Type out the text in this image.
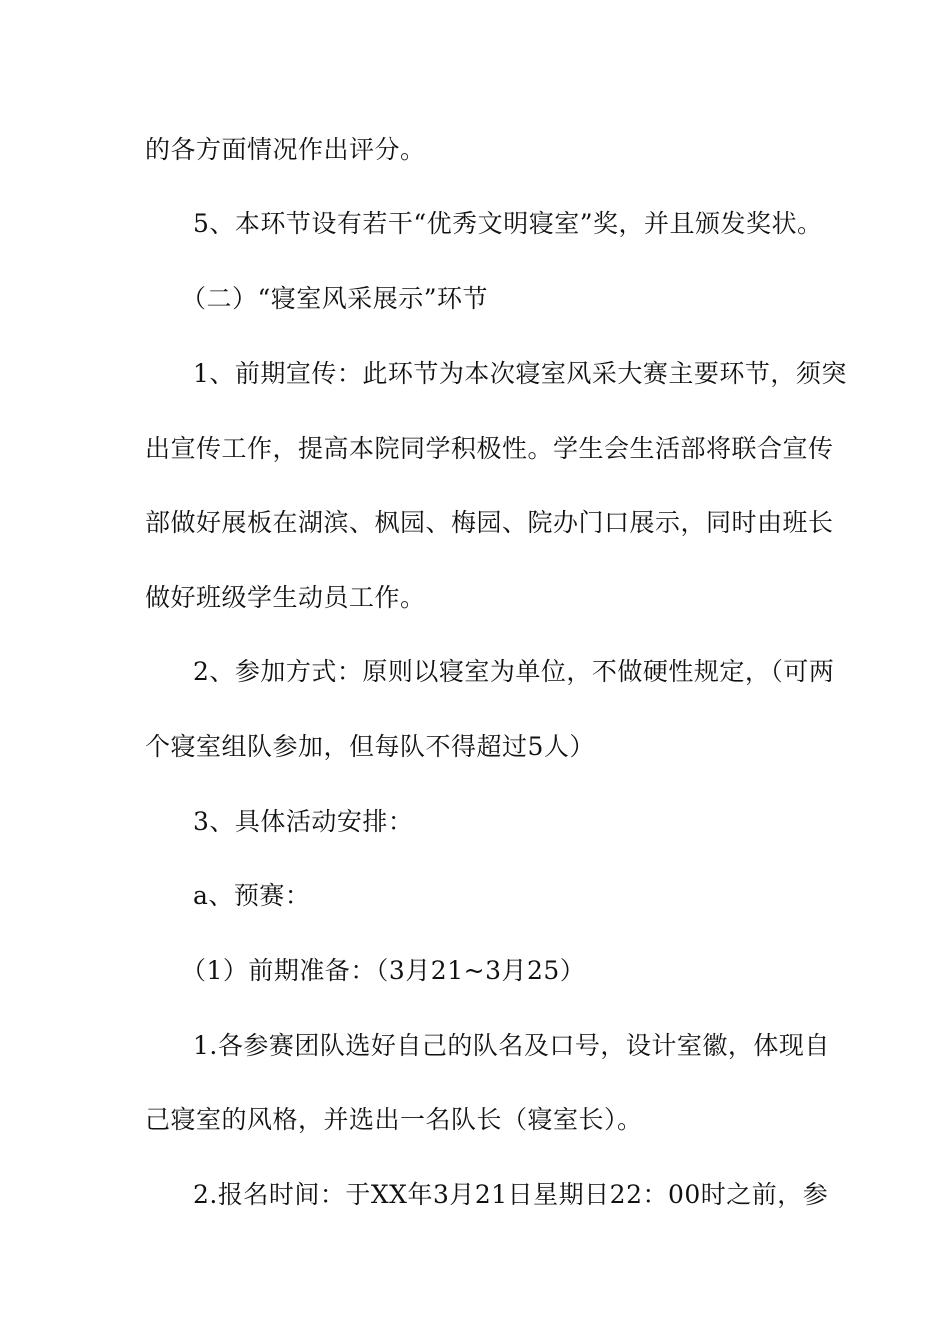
的各方面情况作出评分。

5、本环节设有若干“优秀文明寝室”奖，并且颁发奖状。

（二）“寝室风采展示”环节

1、前期宣传：此环节为本次寝室风采大赛主要环节，须突

出宣传工作，提高本院同学积极性。学生会生活部将联合宣传

部做好展板在湖滨、枫园、梅园、院办门口展示，同时由班长

做好班级学生动员工作。

2、参加方式：原则以寝室为单位，不做硬性规定，（可两

个寝室组队参加，但每队不得超过5人）

3、具体活动安排：

a、预赛：

（1）前期准备：（3月21~3月25）

1.各参赛团队选好自己的队名及口号，设计室徽，体现自

己寝室的风格，并选出一名队长（寝室长）。

2.报名时间：于XX年3月21日星期日22：00时之前，参
